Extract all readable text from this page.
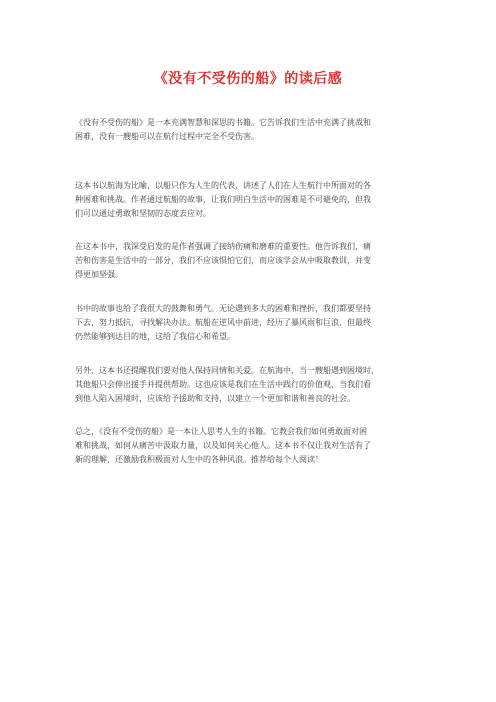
《没有不受伤的船》的读后感

《没有不受伤的船》是一本充满智慧和深思的书籍。它告诉我们生活中充满了挑战和
困难，没有一艘船可以在航行过程中完全不受伤害。

这本书以航海为比喻，以船只作为人生的代表，讲述了人们在人生航行中所面对的各
种困难和挑战。作者通过航船的故事，让我们明白生活中的困难是不可避免的，但我
们可以通过勇敢和坚韧的态度去应对。

在这本书中，我深受启发的是作者强调了接纳伤痛和磨难的重要性。他告诉我们，痛
苦和伤害是生活中的一部分，我们不应该惧怕它们，而应该学会从中吸取教训，并变
得更加坚强。

书中的故事也给了我很大的鼓舞和勇气。无论遇到多大的困难和挫折，我们都要坚持
下去，努力抵抗，寻找解决办法。航船在逆风中前进，经历了暴风雨和巨浪，但最终
仍然能够到达目的地，这给了我信心和希望。

另外，这本书还提醒我们要对他人保持同情和关爱。在航海中，当一艘船遇到困境时，
其他船只会伸出援手并提供帮助。这也应该是我们在生活中践行的价值观，当我们看
到他人陷入困境时，应该给予援助和支持，以建立一个更加和谐和善良的社会。

总之，《没有不受伤的船》是一本让人思考人生的书籍。它教会我们如何勇敢面对困
难和挑战，如何从痛苦中汲取力量，以及如何关心他人。这本书不仅让我对生活有了
新的理解，还激励我积极面对人生中的各种风浪。推荐给每个人阅读！
